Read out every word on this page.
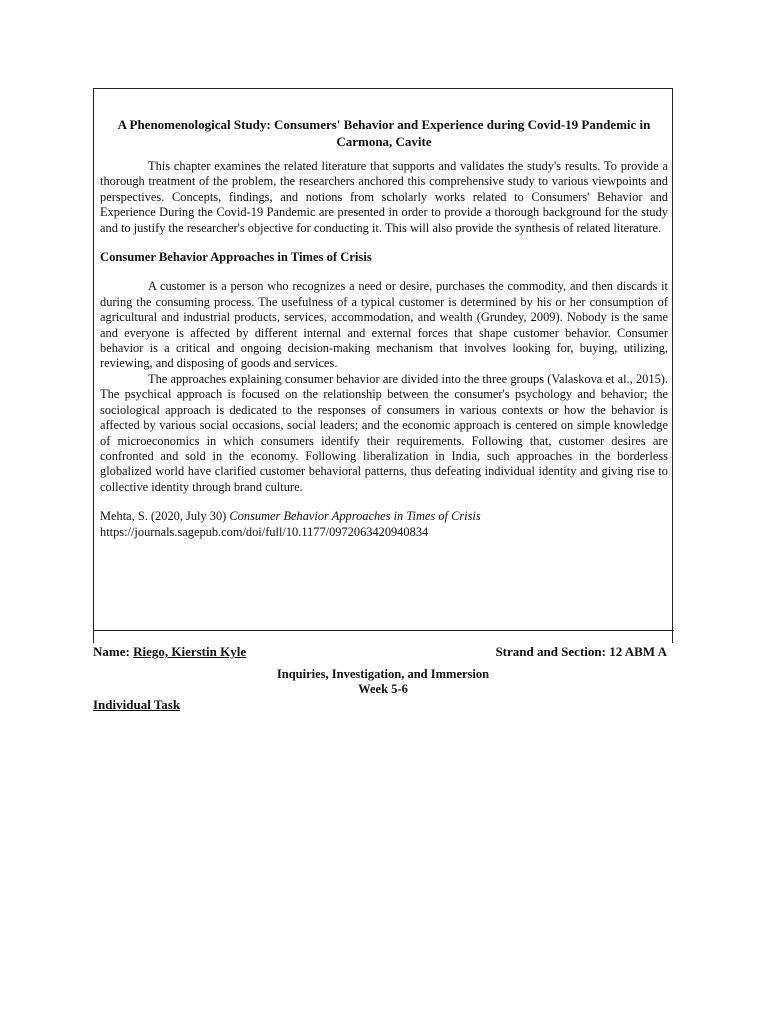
A Phenomenological Study: Consumers' Behavior and Experience during Covid-19 Pandemic in Carmona, Cavite

This chapter examines the related literature that supports and validates the study's results. To provide a thorough treatment of the problem, the researchers anchored this comprehensive study to various viewpoints and perspectives. Concepts, findings, and notions from scholarly works related to Consumers' Behavior and Experience During the Covid-19 Pandemic are presented in order to provide a thorough background for the study and to justify the researcher's objective for conducting it. This will also provide the synthesis of related literature.

Consumer Behavior Approaches in Times of Crisis

A customer is a person who recognizes a need or desire, purchases the commodity, and then discards it during the consuming process. The usefulness of a typical customer is determined by his or her consumption of agricultural and industrial products, services, accommodation, and wealth (Grundey, 2009). Nobody is the same and everyone is affected by different internal and external forces that shape customer behavior. Consumer behavior is a critical and ongoing decision-making mechanism that involves looking for, buying, utilizing, reviewing, and disposing of goods and services.

The approaches explaining consumer behavior are divided into the three groups (Valaskova et al., 2015). The psychical approach is focused on the relationship between the consumer's psychology and behavior; the sociological approach is dedicated to the responses of consumers in various contexts or how the behavior is affected by various social occasions, social leaders; and the economic approach is centered on simple knowledge of microeconomics in which consumers identify their requirements. Following that, customer desires are confronted and sold in the economy. Following liberalization in India, such approaches in the borderless globalized world have clarified customer behavioral patterns, thus defeating individual identity and giving rise to collective identity through brand culture.

Mehta, S. (2020, July 30) Consumer Behavior Approaches in Times of Crisis
https://journals.sagepub.com/doi/full/10.1177/0972063420940834
Name: Riego, Kierstin Kyle	Strand and Section: 12 ABM A
Inquiries, Investigation, and Immersion
Week 5-6
Individual Task
